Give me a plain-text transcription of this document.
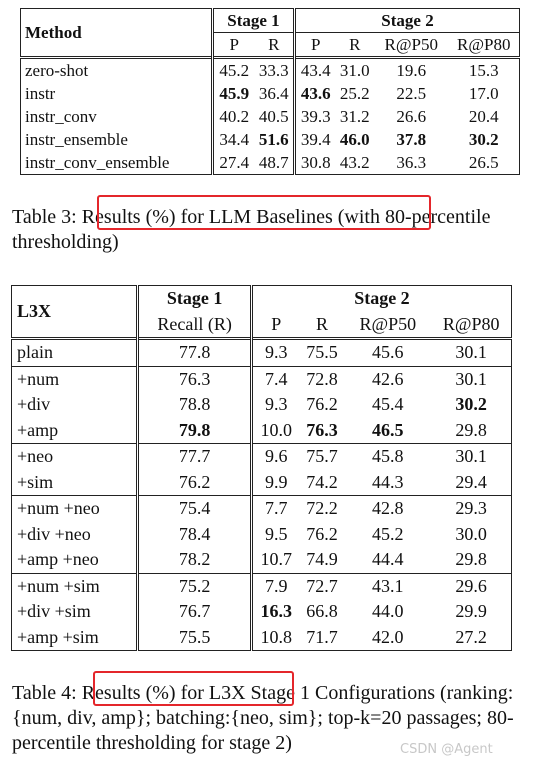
Method	Stage 1		Stage 2			
	P	R	P	R	R@P50	R@P80
zero-shot	45.2	33.3	43.4	31.0	19.6	15.3
instr	45.9	36.4	43.6	25.2	22.5	17.0
instr_conv	40.2	40.5	39.3	31.2	26.6	20.4
instr_ensemble	34.4	51.6	39.4	46.0	37.8	30.2
instr_conv_ensemble	27.4	48.7	30.8	43.2	36.3	26.5
Table 3: Results (%) for LLM Baselines (with 80-percentile thresholding)
L3X	Stage 1	Stage 2			
	Recall (R)	P	R	R@P50	R@P80
plain	77.8	9.3	75.5	45.6	30.1
+num	76.3	7.4	72.8	42.6	30.1
+div	78.8	9.3	76.2	45.4	30.2
+amp	79.8	10.0	76.3	46.5	29.8
+neo	77.7	9.6	75.7	45.8	30.1
+sim	76.2	9.9	74.2	44.3	29.4
+num +neo	75.4	7.7	72.2	42.8	29.3
+div +neo	78.4	9.5	76.2	45.2	30.0
+amp +neo	78.2	10.7	74.9	44.4	29.8
+num +sim	75.2	7.9	72.7	43.1	29.6
+div +sim	76.7	16.3	66.8	44.0	29.9
+amp +sim	75.5	10.8	71.7	42.0	27.2
Table 4: Results (%) for L3X Stage 1 Configurations (ranking:{num, div, amp}; batching:{neo, sim}; top-k=20 passages; 80-percentile thresholding for stage 2)	CSDN @Agent
